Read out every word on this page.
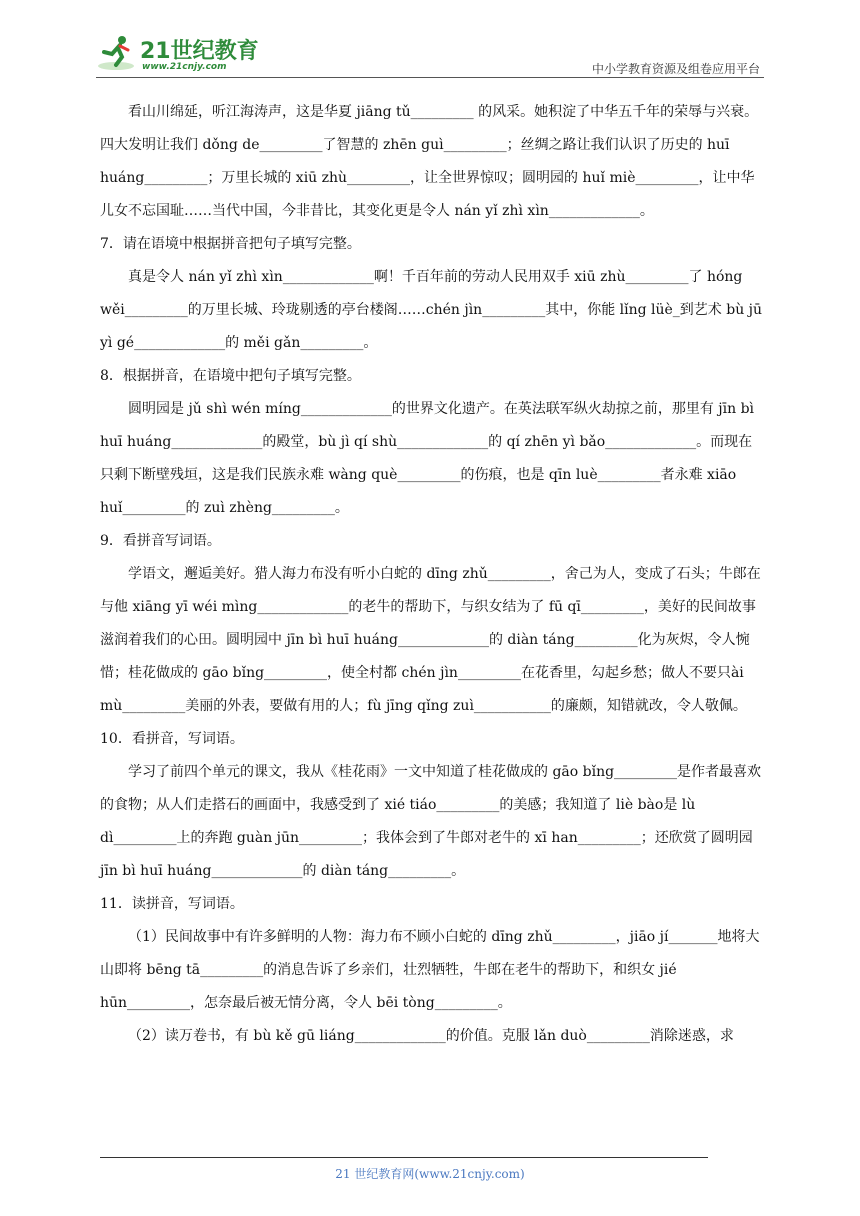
21世纪教育
www.21cnjy.com	中小学教育资源及组卷应用平台

看山川绵延，听江海涛声，这是华夏 jiāng tǔ_________ 的风采。她积淀了中华五千年的荣辱与兴衰。四大发明让我们 dǒng de_________了智慧的 zhēn guì_________；丝绸之路让我们认识了历史的 huī huáng_________；万里长城的 xiū zhù_________，让全世界惊叹；圆明园的 huǐ miè_________，让中华儿女不忘国耻……当代中国，今非昔比，其变化更是令人 nán yǐ zhì xìn_____________。

7．请在语境中根据拼音把句子填写完整。

真是令人 nán yǐ zhì xìn_____________啊！千百年前的劳动人民用双手 xiū zhù_________了 hóng wěi_________的万里长城、玲珑剔透的亭台楼阁……chén jìn_________其中，你能 lǐng lüè_到艺术 bù jū yì gé_____________的 měi gǎn_________。

8．根据拼音，在语境中把句子填写完整。

圆明园是 jǔ shì wén míng_____________的世界文化遗产。在英法联军纵火劫掠之前，那里有 jīn bì huī huáng_____________的殿堂，bù jì qí shù_____________的 qí zhēn yì bǎo_____________。而现在只剩下断壁残垣，这是我们民族永难 wàng què_________的伤痕，也是 qīn luè_________者永难 xiāo huǐ_________的 zuì zhèng_________。

9．看拼音写词语。

学语文，邂逅美好。猎人海力布没有听小白蛇的 dīng zhǔ_________，舍己为人，变成了石头；牛郎在与他 xiāng yī wéi mìng_____________的老牛的帮助下，与织女结为了 fū qī_________，美好的民间故事滋润着我们的心田。圆明园中 jīn bì huī huáng_____________的 diàn táng_________化为灰烬，令人惋惜；桂花做成的 gāo bǐng_________，使全村都 chén jìn_________在花香里，勾起乡愁；做人不要只ài mù_________美丽的外表，要做有用的人；fù jīng qǐng zuì___________的廉颇，知错就改，令人敬佩。

10．看拼音，写词语。

学习了前四个单元的课文，我从《桂花雨》一文中知道了桂花做成的 gāo bǐng_________是作者最喜欢的食物；从人们走搭石的画面中，我感受到了 xié tiáo_________的美感；我知道了 liè bào是 lù dì_________上的奔跑 guàn jūn_________；我体会到了牛郎对老牛的 xī han_________；还欣赏了圆明园 jīn bì huī huáng_____________的 diàn táng_________。

11．读拼音，写词语。

（1）民间故事中有许多鲜明的人物：海力布不顾小白蛇的 dīng zhǔ_________，jiāo jí_______地将大山即将 bēng tā_________的消息告诉了乡亲们，壮烈牺牲，牛郎在老牛的帮助下，和织女 jié hūn_________，怎奈最后被无情分离，令人 bēi tòng_________。

（2）读万卷书，有 bù kě gū liáng_____________的价值。克服 lǎn duò_________消除迷惑，求

21 世纪教育网(www.21cnjy.com)
